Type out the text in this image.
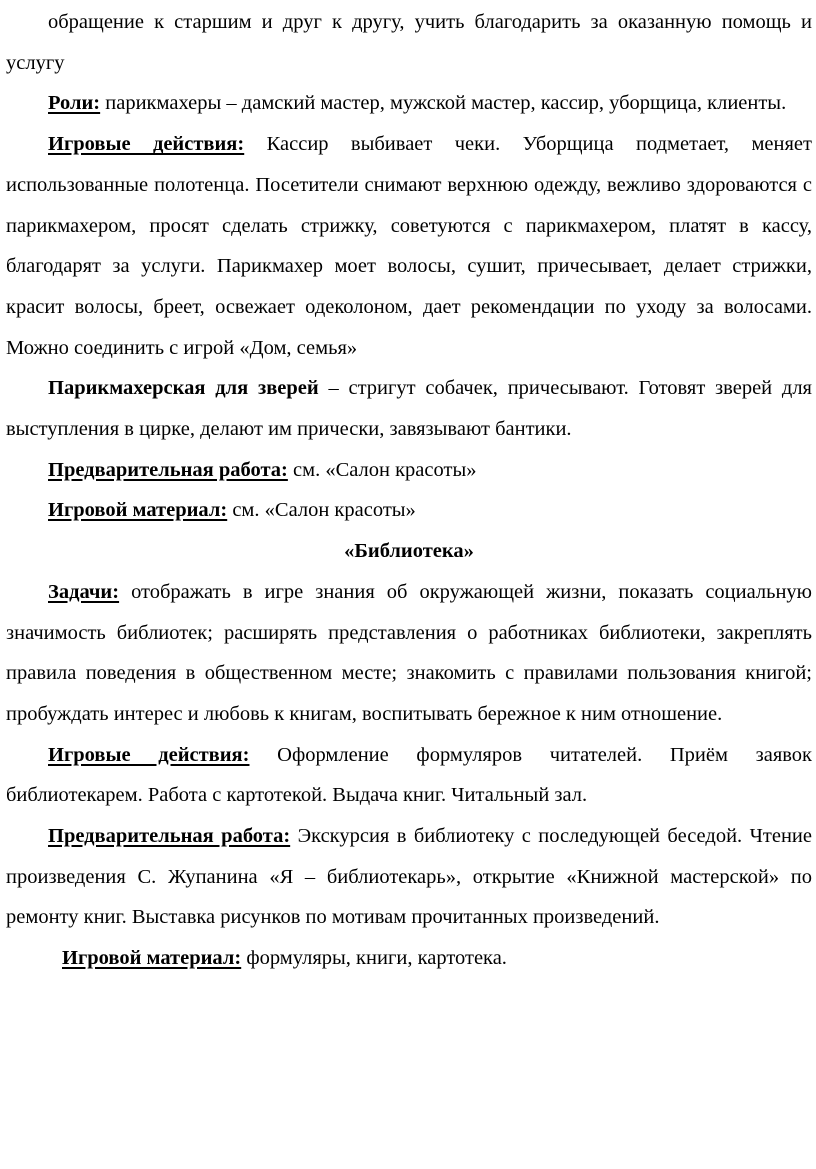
обращение к старшим и друг к другу, учить благодарить за оказанную помощь и услугу

Роли: парикмахеры – дамский мастер, мужской мастер, кассир, уборщица, клиенты.

Игровые действия: Кассир выбивает чеки. Уборщица подметает, меняет использованные полотенца. Посетители снимают верхнюю одежду, вежливо здороваются с парикмахером, просят сделать стрижку, советуются с парикмахером, платят в кассу, благодарят за услуги. Парикмахер моет волосы, сушит, причесывает, делает стрижки, красит волосы, бреет, освежает одеколоном, дает рекомендации по уходу за волосами. Можно соединить с игрой «Дом, семья»

Парикмахерская для зверей – стригут собачек, причесывают. Готовят зверей для выступления в цирке, делают им прически, завязывают бантики.

Предварительная работа: см. «Салон красоты»

Игровой материал: см. «Салон красоты»

«Библиотека»

Задачи: отображать в игре знания об окружающей жизни, показать социальную значимость библиотек; расширять представления о работниках библиотеки, закреплять правила поведения в общественном месте; знакомить с правилами пользования книгой; пробуждать интерес и любовь к книгам, воспитывать бережное к ним отношение.

Игровые действия: Оформление формуляров читателей. Приём заявок библиотекарем. Работа с картотекой. Выдача книг. Читальный зал.

Предварительная работа: Экскурсия в библиотеку с последующей беседой. Чтение произведения С. Жупанина «Я – библиотекарь», открытие «Книжной мастерской» по ремонту книг. Выставка рисунков по мотивам прочитанных произведений.

Игровой материал: формуляры, книги, картотека.
